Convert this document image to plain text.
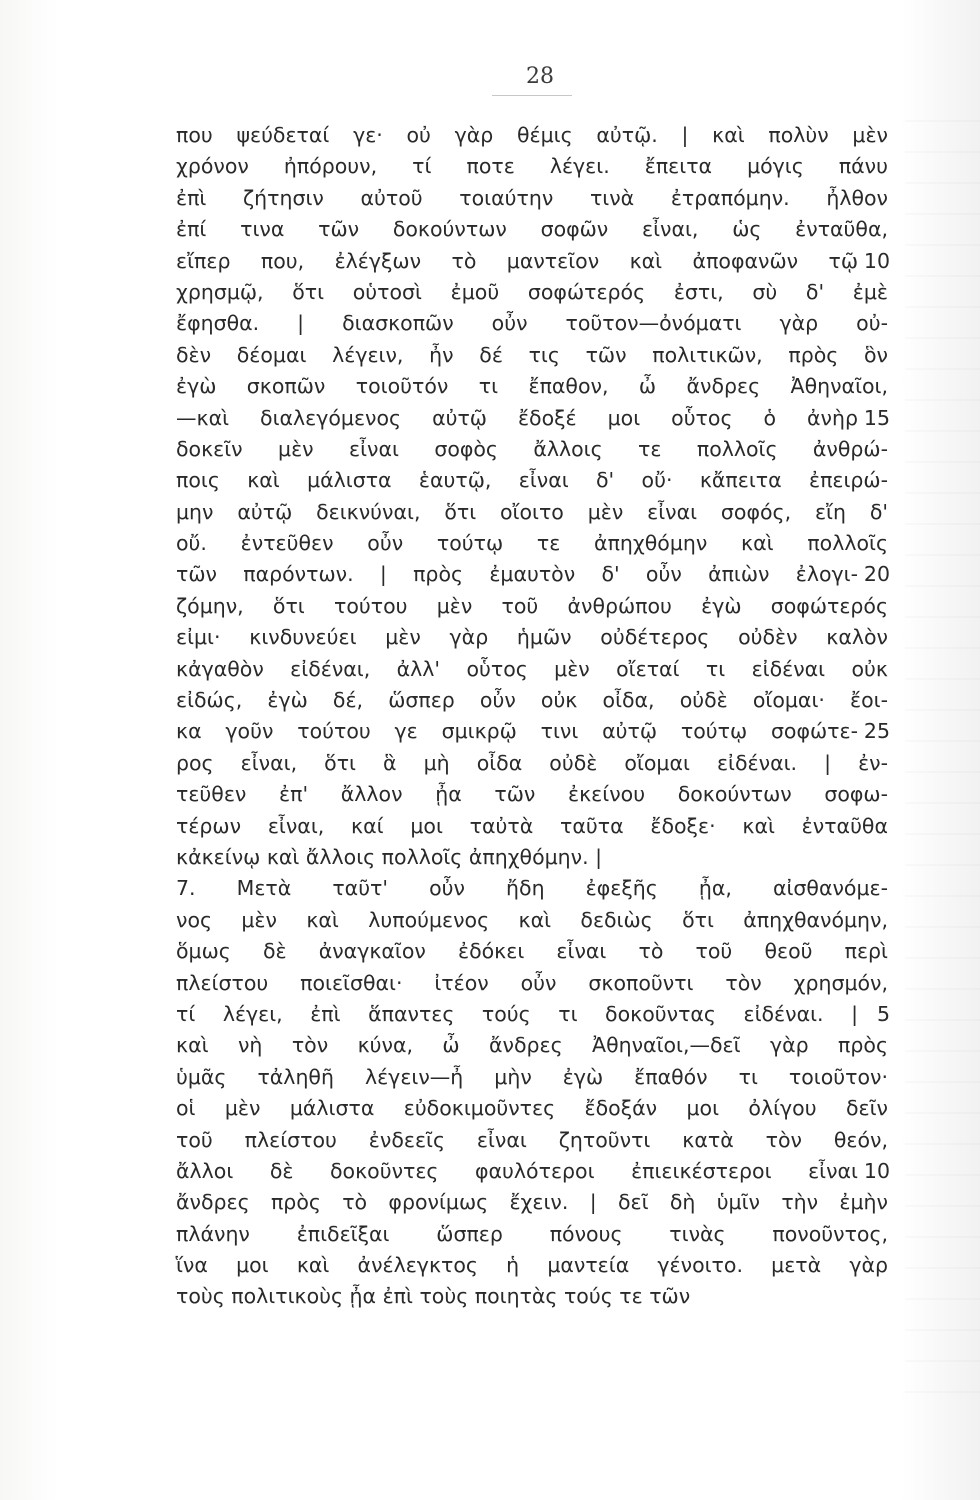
28
που ψεύδεταί γε· οὐ γὰρ θέμις αὐτῷ. | καὶ πολὺν μὲν
χρόνον ἠπόρουν, τί ποτε λέγει. ἔπειτα μόγις πάνυ
ἐπὶ ζήτησιν αὐτοῦ τοιαύτην τινὰ ἐτραπόμην. ἦλθον
ἐπί τινα τῶν δοκούντων σοφῶν εἶναι, ὡς ἐνταῦθα,
εἴπερ που, ἐλέγξων τὸ μαντεῖον καὶ ἀποφανῶν τῷ 10
χρησμῷ, ὅτι οὑτοσὶ ἐμοῦ σοφώτερός ἐστι, σὺ δ' ἐμὲ
ἔφησθα. | διασκοπῶν οὖν τοῦτον—ὀνόματι γὰρ οὐ-
δὲν δέομαι λέγειν, ἦν δέ τις τῶν πολιτικῶν, πρὸς ὃν
ἐγὼ σκοπῶν τοιοῦτόν τι ἔπαθον, ὦ ἄνδρες Ἀθηναῖοι,
—καὶ διαλεγόμενος αὐτῷ ἔδοξέ μοι οὗτος ὁ ἀνὴρ 15
δοκεῖν μὲν εἶναι σοφὸς ἄλλοις τε πολλοῖς ἀνθρώ-
ποις καὶ μάλιστα ἑαυτῷ, εἶναι δ' οὔ· κἄπειτα ἐπειρώ-
μην αὐτῷ δεικνύναι, ὅτι οἴοιτο μὲν εἶναι σοφός, εἴη δ'
οὔ. ἐντεῦθεν οὖν τούτῳ τε ἀπηχθόμην καὶ πολλοῖς
τῶν παρόντων. | πρὸς ἐμαυτὸν δ' οὖν ἀπιὼν ἐλογι- 20
ζόμην, ὅτι τούτου μὲν τοῦ ἀνθρώπου ἐγὼ σοφώτερός
εἰμι· κινδυνεύει μὲν γὰρ ἡμῶν οὐδέτερος οὐδὲν καλὸν
κἀγαθὸν εἰδέναι, ἀλλ' οὗτος μὲν οἴεταί τι εἰδέναι οὐκ
εἰδώς, ἐγὼ δέ, ὥσπερ οὖν οὐκ οἶδα, οὐδὲ οἴομαι· ἔοι-
κα γοῦν τούτου γε σμικρῷ τινι αὐτῷ τούτῳ σοφώτε- 25
ρος εἶναι, ὅτι ἃ μὴ οἶδα οὐδὲ οἴομαι εἰδέναι. | ἐν-
τεῦθεν ἐπ' ἄλλον ᾖα τῶν ἐκείνου δοκούντων σοφω-
τέρων εἶναι, καί μοι ταὐτὰ ταῦτα ἔδοξε· καὶ ἐνταῦθα
κἀκείνῳ καὶ ἄλλοις πολλοῖς ἀπηχθόμην. |
7. Μετὰ ταῦτ' οὖν ἤδη ἐφεξῆς ᾖα, αἰσθανόμε-
νος μὲν καὶ λυπούμενος καὶ δεδιὼς ὅτι ἀπηχθανόμην,
ὅμως δὲ ἀναγκαῖον ἐδόκει εἶναι τὸ τοῦ θεοῦ περὶ
πλείστου ποιεῖσθαι· ἰτέον οὖν σκοποῦντι τὸν χρησμόν,
τί λέγει, ἐπὶ ἅπαντες τούς τι δοκοῦντας εἰδέναι. | 5
καὶ νὴ τὸν κύνα, ὦ ἄνδρες Ἀθηναῖοι,—δεῖ γὰρ πρὸς
ὑμᾶς τἀληθῆ λέγειν—ἦ μὴν ἐγὼ ἔπαθόν τι τοιοῦτον·
οἱ μὲν μάλιστα εὐδοκιμοῦντες ἔδοξάν μοι ὀλίγου δεῖν
τοῦ πλείστου ἐνδεεῖς εἶναι ζητοῦντι κατὰ τὸν θεόν,
ἄλλοι δὲ δοκοῦντες φαυλότεροι ἐπιεικέστεροι εἶναι 10
ἄνδρες πρὸς τὸ φρονίμως ἔχειν. | δεῖ δὴ ὑμῖν τὴν ἐμὴν
πλάνην ἐπιδεῖξαι ὥσπερ πόνους τινὰς πονοῦντος,
ἵνα μοι καὶ ἀνέλεγκτος ἡ μαντεία γένοιτο. μετὰ γὰρ
τοὺς πολιτικοὺς ᾖα ἐπὶ τοὺς ποιητὰς τούς τε τῶν
